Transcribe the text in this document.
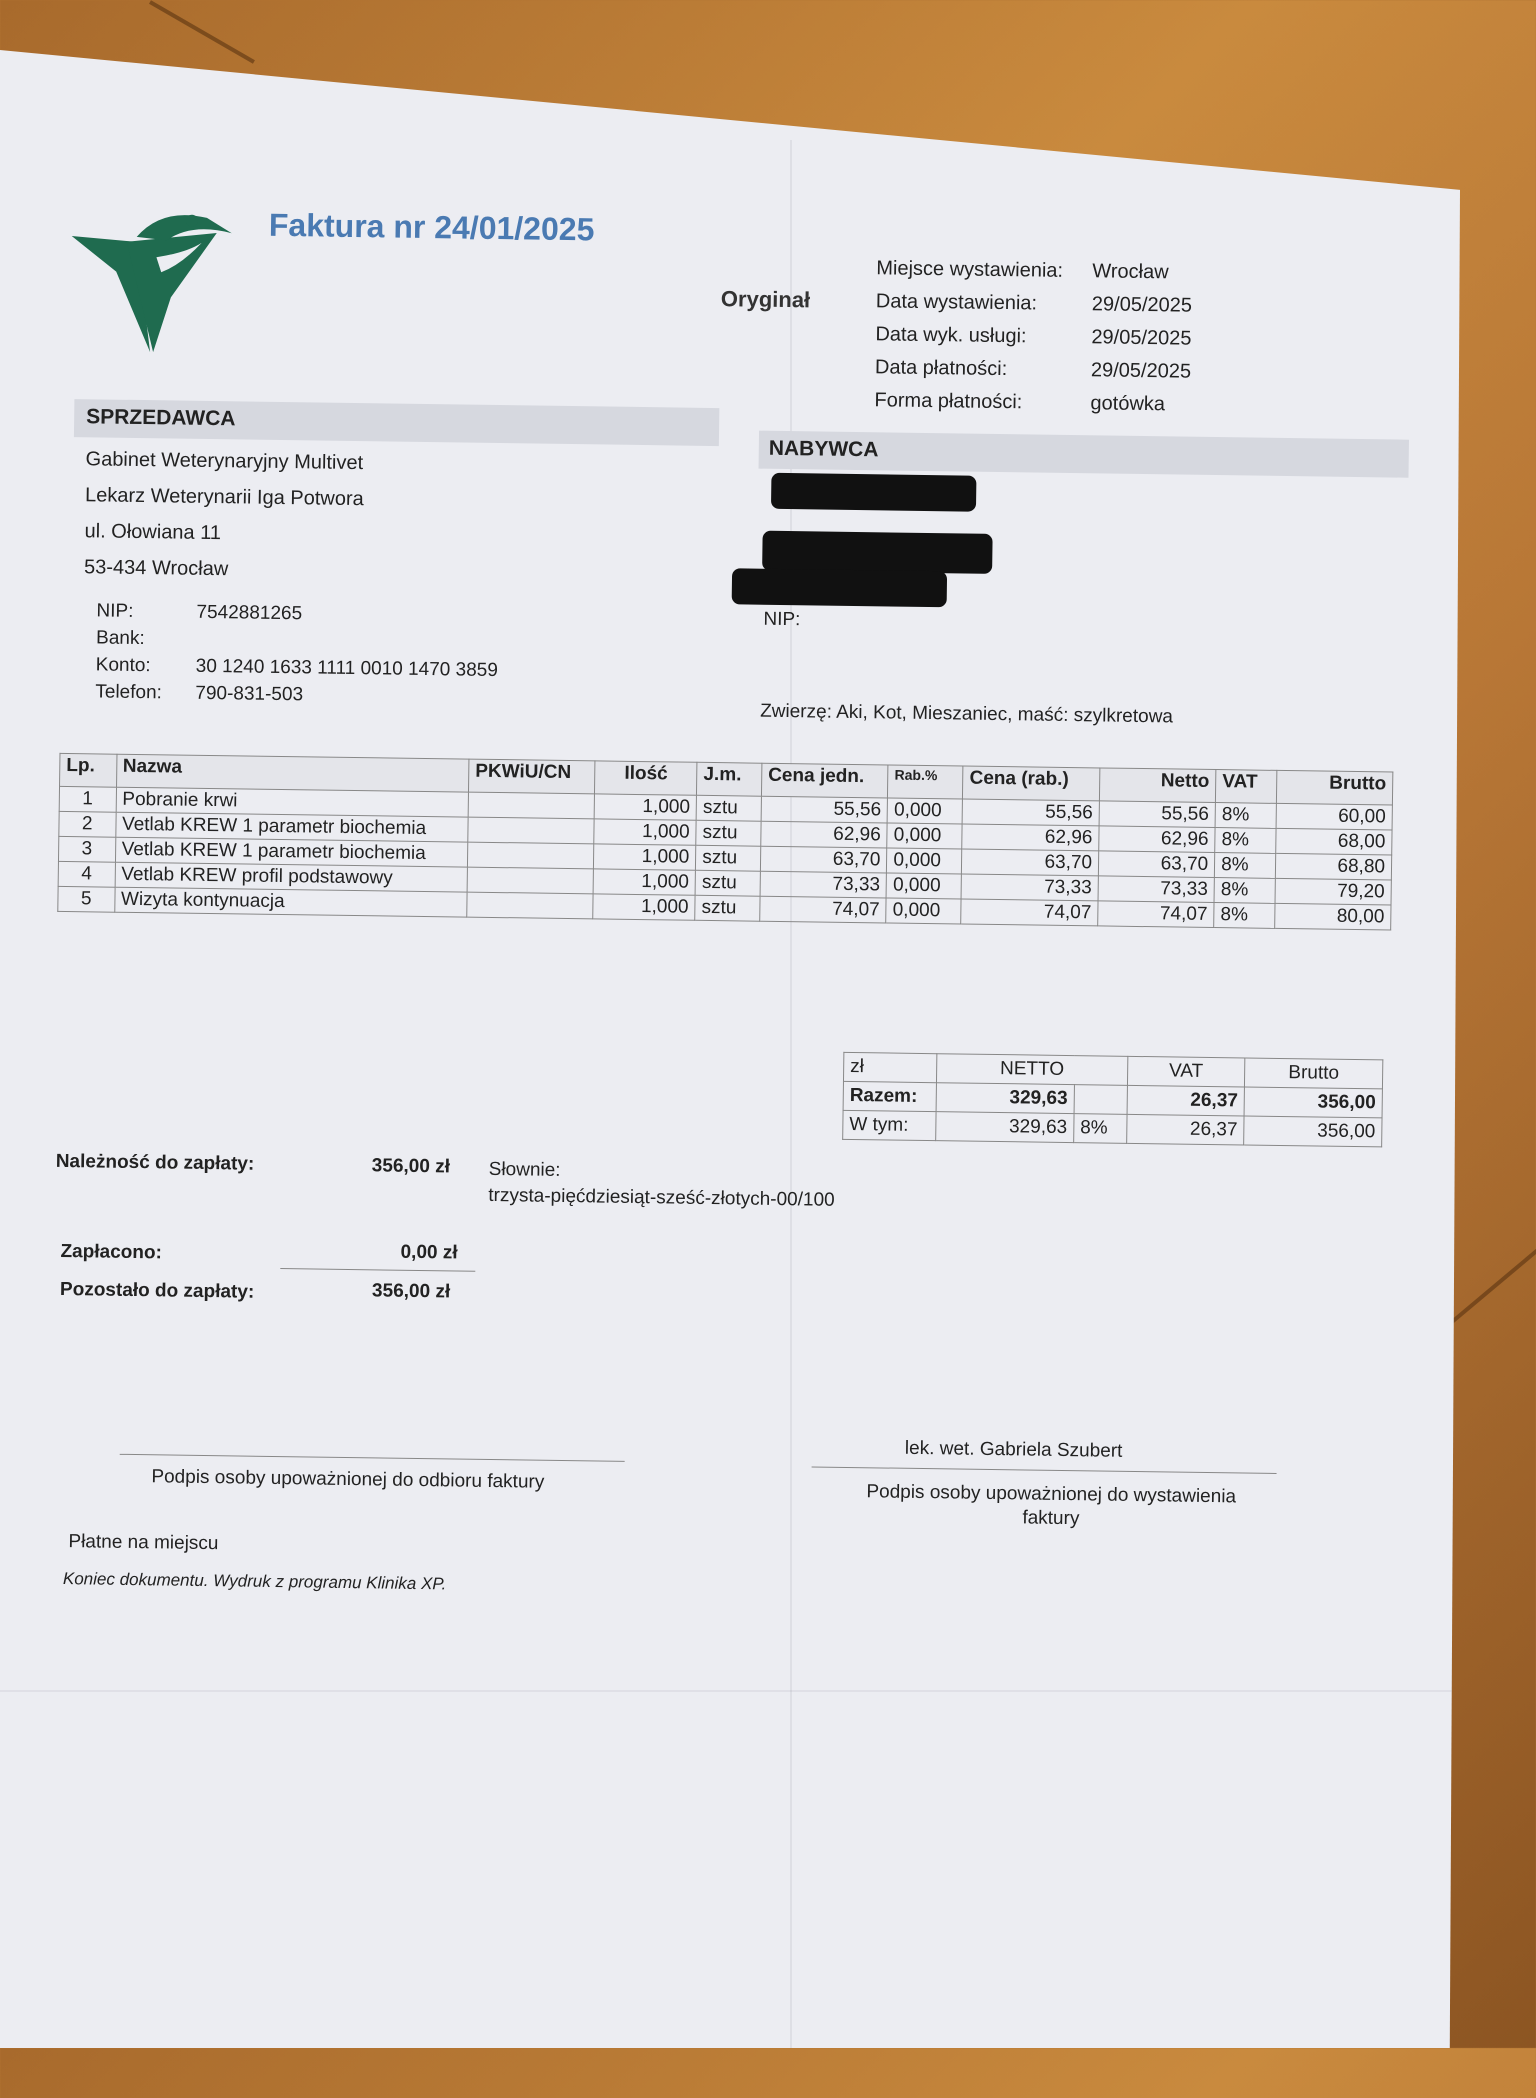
Faktura nr 24/01/2025
Oryginał
Miejsce wystawienia:	Wrocław
Data wystawienia:	29/05/2025
Data wyk. usługi:	29/05/2025
Data płatności:	29/05/2025
Forma płatności:	gotówka
SPRZEDAWCA
NABYWCA
Gabinet Weterynaryjny Multivet
Lekarz Weterynarii Iga Potwora
ul. Ołowiana 11
53-434 Wrocław
NIP:	7542881265
Bank:
Konto:	30 1240 1633 1111 0010 1470 3859
Telefon:	790-831-503
NIP:
Zwierzę: Aki, Kot, Mieszaniec, maść: szylkretowa
Lp.	Nazwa	PKWiU/CN	Ilość	J.m.	Cena jedn.	Rab.%	Cena (rab.)	Netto	VAT	Brutto
1	Pobranie krwi		1,000	sztu	55,56	0,000	55,56	55,56	8%	60,00
2	Vetlab KREW 1 parametr biochemia		1,000	sztu	62,96	0,000	62,96	62,96	8%	68,00
3	Vetlab KREW 1 parametr biochemia		1,000	sztu	63,70	0,000	63,70	63,70	8%	68,80
4	Vetlab KREW profil podstawowy		1,000	sztu	73,33	0,000	73,33	73,33	8%	79,20
5	Wizyta kontynuacja		1,000	sztu	74,07	0,000	74,07	74,07	8%	80,00
zł	NETTO		VAT	Brutto
Razem:	329,63		26,37	356,00
W tym:	329,63	8%	26,37	356,00
Należność do zapłaty:	356,00 zł Słownie:
trzysta-pięćdziesiąt-sześć-złotych-00/100
Zapłacono:	0,00 zł
Pozostało do zapłaty:	356,00 zł
lek. wet. Gabriela Szubert
Podpis osoby upoważnionej do odbioru faktury
Podpis osoby upoważnionej do wystawienia faktury
Płatne na miejscu
Koniec dokumentu. Wydruk z programu Klinika XP.
